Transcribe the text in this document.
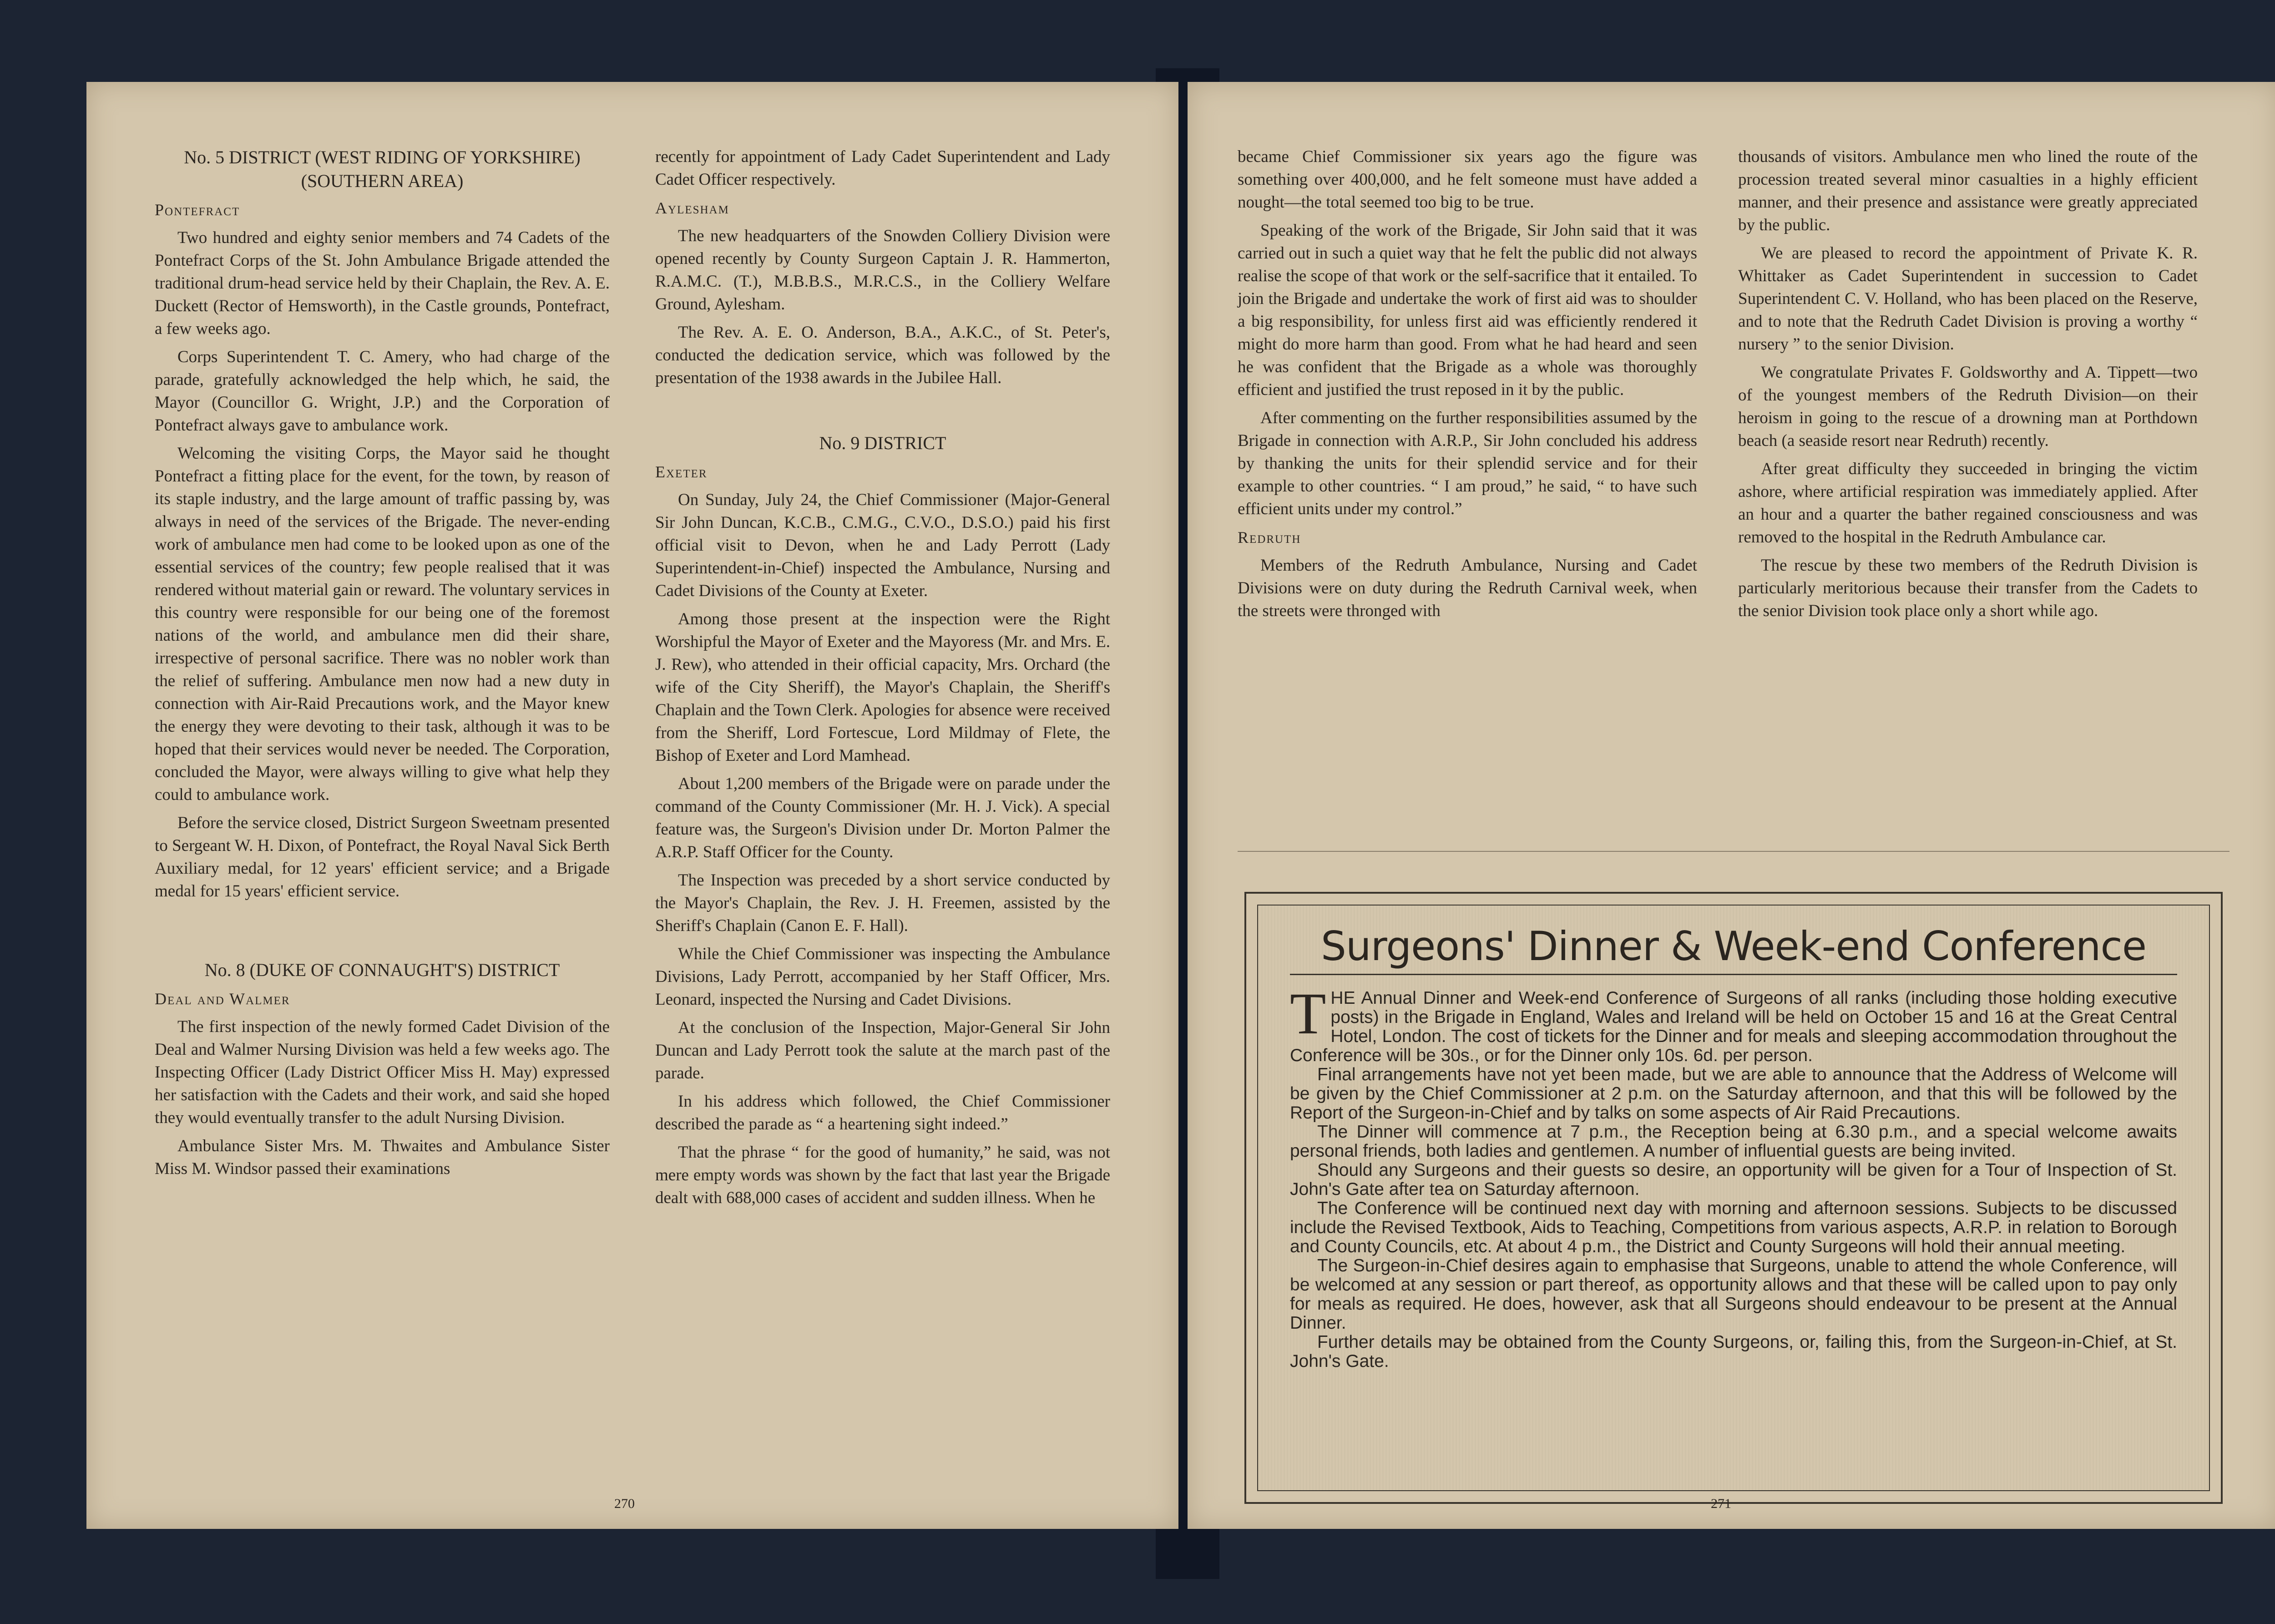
No. 5 DISTRICT (WEST RIDING OF YORKSHIRE) (SOUTHERN AREA)

Pontefract

Two hundred and eighty senior members and 74 Cadets of the Pontefract Corps of the St. John Ambulance Brigade attended the traditional drum-head service held by their Chaplain, the Rev. A. E. Duckett (Rector of Hemsworth), in the Castle grounds, Pontefract, a few weeks ago.

Corps Superintendent T. C. Amery, who had charge of the parade, gratefully acknowledged the help which, he said, the Mayor (Councillor G. Wright, J.P.) and the Corporation of Pontefract always gave to ambulance work.

Welcoming the visiting Corps, the Mayor said he thought Pontefract a fitting place for the event, for the town, by reason of its staple industry, and the large amount of traffic passing by, was always in need of the services of the Brigade. The never-ending work of ambulance men had come to be looked upon as one of the essential services of the country; few people realised that it was rendered without material gain or reward. The voluntary services in this country were responsible for our being one of the foremost nations of the world, and ambulance men did their share, irrespective of personal sacrifice. There was no nobler work than the relief of suffering. Ambulance men now had a new duty in connection with Air-Raid Precautions work, and the Mayor knew the energy they were devoting to their task, although it was to be hoped that their services would never be needed. The Corporation, concluded the Mayor, were always willing to give what help they could to ambulance work.

Before the service closed, District Surgeon Sweetnam presented to Sergeant W. H. Dixon, of Pontefract, the Royal Naval Sick Berth Auxiliary medal, for 12 years' efficient service; and a Brigade medal for 15 years' efficient service.

No. 8 (DUKE OF CONNAUGHT'S) DISTRICT

Deal and Walmer

The first inspection of the newly formed Cadet Division of the Deal and Walmer Nursing Division was held a few weeks ago. The Inspecting Officer (Lady District Officer Miss H. May) expressed her satisfaction with the Cadets and their work, and said she hoped they would eventually transfer to the adult Nursing Division.

Ambulance Sister Mrs. M. Thwaites and Ambulance Sister Miss M. Windsor passed their examinations

recently for appointment of Lady Cadet Superintendent and Lady Cadet Officer respectively.

Aylesham

The new headquarters of the Snowden Colliery Division were opened recently by County Surgeon Captain J. R. Hammerton, R.A.M.C. (T.), M.B.B.S., M.R.C.S., in the Colliery Welfare Ground, Aylesham.

The Rev. A. E. O. Anderson, B.A., A.K.C., of St. Peter's, conducted the dedication service, which was followed by the presentation of the 1938 awards in the Jubilee Hall.

No. 9 DISTRICT

Exeter

On Sunday, July 24, the Chief Commissioner (Major-General Sir John Duncan, K.C.B., C.M.G., C.V.O., D.S.O.) paid his first official visit to Devon, when he and Lady Perrott (Lady Superintendent-in-Chief) inspected the Ambulance, Nursing and Cadet Divisions of the County at Exeter.

Among those present at the inspection were the Right Worshipful the Mayor of Exeter and the Mayoress (Mr. and Mrs. E. J. Rew), who attended in their official capacity, Mrs. Orchard (the wife of the City Sheriff), the Mayor's Chaplain, the Sheriff's Chaplain and the Town Clerk. Apologies for absence were received from the Sheriff, Lord Fortescue, Lord Mildmay of Flete, the Bishop of Exeter and Lord Mamhead.

About 1,200 members of the Brigade were on parade under the command of the County Commissioner (Mr. H. J. Vick). A special feature was, the Surgeon's Division under Dr. Morton Palmer the A.R.P. Staff Officer for the County.

The Inspection was preceded by a short service conducted by the Mayor's Chaplain, the Rev. J. H. Freemen, assisted by the Sheriff's Chaplain (Canon E. F. Hall).

While the Chief Commissioner was inspecting the Ambulance Divisions, Lady Perrott, accompanied by her Staff Officer, Mrs. Leonard, inspected the Nursing and Cadet Divisions.

At the conclusion of the Inspection, Major-General Sir John Duncan and Lady Perrott took the salute at the march past of the parade.

In his address which followed, the Chief Commissioner described the parade as “ a heartening sight indeed.”

That the phrase “ for the good of humanity,” he said, was not mere empty words was shown by the fact that last year the Brigade dealt with 688,000 cases of accident and sudden illness. When he

270

became Chief Commissioner six years ago the figure was something over 400,000, and he felt someone must have added a nought—the total seemed too big to be true.

Speaking of the work of the Brigade, Sir John said that it was carried out in such a quiet way that he felt the public did not always realise the scope of that work or the self-sacrifice that it entailed. To join the Brigade and undertake the work of first aid was to shoulder a big responsibility, for unless first aid was efficiently rendered it might do more harm than good. From what he had heard and seen he was confident that the Brigade as a whole was thoroughly efficient and justified the trust reposed in it by the public.

After commenting on the further responsibilities assumed by the Brigade in connection with A.R.P., Sir John concluded his address by thanking the units for their splendid service and for their example to other countries. “ I am proud,” he said, “ to have such efficient units under my control.”

Redruth

Members of the Redruth Ambulance, Nursing and Cadet Divisions were on duty during the Redruth Carnival week, when the streets were thronged with

thousands of visitors. Ambulance men who lined the route of the procession treated several minor casualties in a highly efficient manner, and their presence and assistance were greatly appreciated by the public.

We are pleased to record the appointment of Private K. R. Whittaker as Cadet Superintendent in succession to Cadet Superintendent C. V. Holland, who has been placed on the Reserve, and to note that the Redruth Cadet Division is proving a worthy “ nursery ” to the senior Division.

We congratulate Privates F. Goldsworthy and A. Tippett—two of the youngest members of the Redruth Division—on their heroism in going to the rescue of a drowning man at Porthdown beach (a seaside resort near Redruth) recently.

After great difficulty they succeeded in bringing the victim ashore, where artificial respiration was immediately applied. After an hour and a quarter the bather regained consciousness and was removed to the hospital in the Redruth Ambulance car.

The rescue by these two members of the Redruth Division is particularly meritorious because their transfer from the Cadets to the senior Division took place only a short while ago.

Surgeons' Dinner & Week-end Conference

THE Annual Dinner and Week-end Conference of Surgeons of all ranks (including those holding executive posts) in the Brigade in England, Wales and Ireland will be held on October 15 and 16 at the Great Central Hotel, London. The cost of tickets for the Dinner and for meals and sleeping accommodation throughout the Conference will be 30s., or for the Dinner only 10s. 6d. per person.

Final arrangements have not yet been made, but we are able to announce that the Address of Welcome will be given by the Chief Commissioner at 2 p.m. on the Saturday afternoon, and that this will be followed by the Report of the Surgeon-in-Chief and by talks on some aspects of Air Raid Precautions.

The Dinner will commence at 7 p.m., the Reception being at 6.30 p.m., and a special welcome awaits personal friends, both ladies and gentlemen. A number of influential guests are being invited.

Should any Surgeons and their guests so desire, an opportunity will be given for a Tour of Inspection of St. John's Gate after tea on Saturday afternoon.

The Conference will be continued next day with morning and afternoon sessions. Subjects to be discussed include the Revised Textbook, Aids to Teaching, Competitions from various aspects, A.R.P. in relation to Borough and County Councils, etc. At about 4 p.m., the District and County Surgeons will hold their annual meeting.

The Surgeon-in-Chief desires again to emphasise that Surgeons, unable to attend the whole Conference, will be welcomed at any session or part thereof, as opportunity allows and that these will be called upon to pay only for meals as required. He does, however, ask that all Surgeons should endeavour to be present at the Annual Dinner.

Further details may be obtained from the County Surgeons, or, failing this, from the Surgeon-in-Chief, at St. John's Gate.

271
